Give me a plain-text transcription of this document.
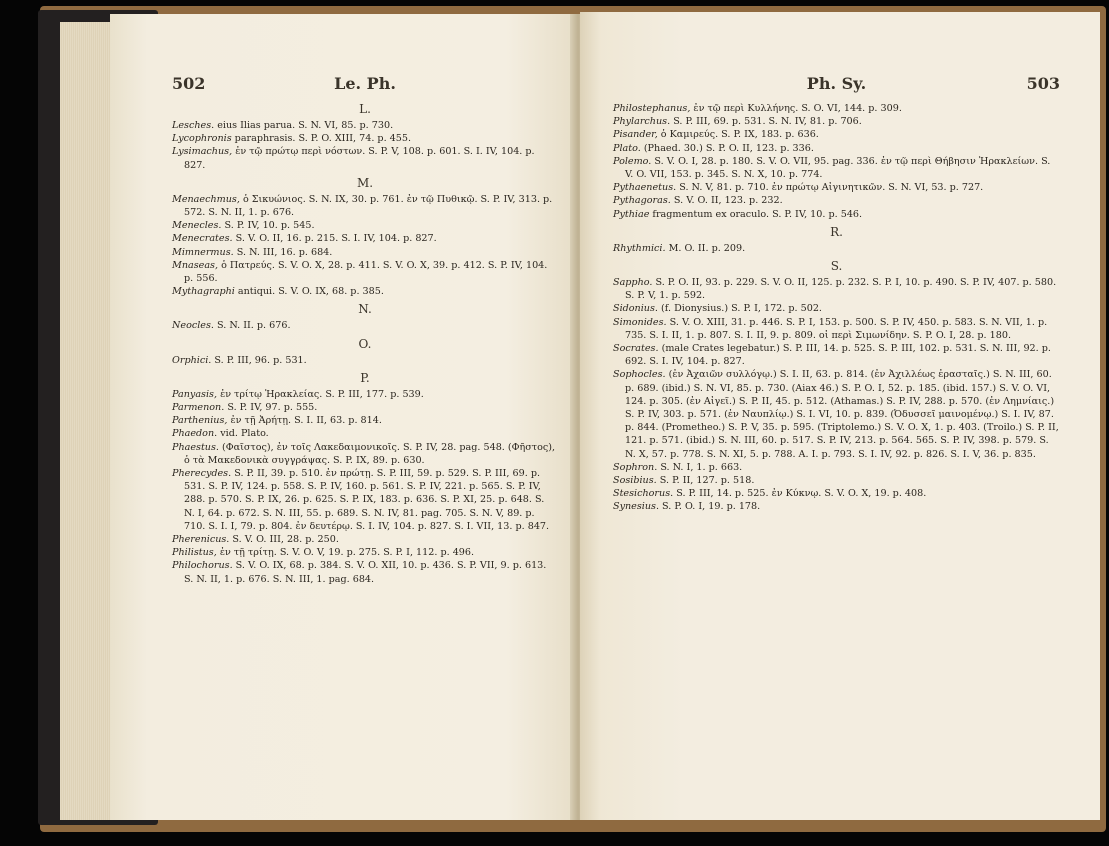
502	Le. Ph.
L.

Lesches. eius Ilias parua. S. N. VI, 85. p. 730.

Lycophronis paraphrasis. S. P. O. XIII, 74. p. 455.

Lysimachus, ἐν τῷ πρώτῳ περὶ νόστων. S. P. V, 108. p. 601. S. I. IV, 104. p. 827.

M.

Menaechmus, ὁ Σικυώνιος. S. N. IX, 30. p. 761. ἐν τῷ Πυθικῷ. S. P. IV, 313. p. 572. S. N. II, 1. p. 676.

Menecles. S. P. IV, 10. p. 545.

Menecrates. S. V. O. II, 16. p. 215. S. I. IV, 104. p. 827.

Mimnermus. S. N. III, 16. p. 684.

Mnaseas, ὁ Πατρεύς. S. V. O. X, 28. p. 411. S. V. O. X, 39. p. 412. S. P. IV, 104. p. 556.

Mythagraphi antiqui. S. V. O. IX, 68. p. 385.

N.

Neocles. S. N. II. p. 676.

O.

Orphici. S. P. III, 96. p. 531.

P.

Panyasis, ἐν τρίτῳ Ἡρακλείας. S. P. III, 177. p. 539.

Parmenon. S. P. IV, 97. p. 555.

Parthenius, ἐν τῇ Ἀρήτῃ. S. I. II, 63. p. 814.

Phaedon. vid. Plato.

Phaestus. (Φαῖστος), ἐν τοῖς Λακεδαιμονικοῖς. S. P. IV, 28. pag. 548. (Φῆστος), ὁ τὰ Μακεδονικὰ συγγράψας. S. P. IX, 89. p. 630.

Pherecydes. S. P. II, 39. p. 510. ἐν πρώτῃ. S. P. III, 59. p. 529. S. P. III, 69. p. 531. S. P. IV, 124. p. 558. S. P. IV, 160. p. 561. S. P. IV, 221. p. 565. S. P. IV, 288. p. 570. S. P. IX, 26. p. 625. S. P. IX, 183. p. 636. S. P. XI, 25. p. 648. S. N. I, 64. p. 672. S. N. III, 55. p. 689. S. N. IV, 81. pag. 705. S. N. V, 89. p. 710. S. I. I, 79. p. 804. ἐν δευτέρῳ. S. I. IV, 104. p. 827. S. I. VII, 13. p. 847.

Pherenicus. S. V. O. III, 28. p. 250.

Philistus, ἐν τῇ τρίτῃ. S. V. O. V, 19. p. 275. S. P. I, 112. p. 496.

Philochorus. S. V. O. IX, 68. p. 384. S. V. O. XII, 10. p. 436. S. P. VII, 9. p. 613. S. N. II, 1. p. 676. S. N. III, 1. pag. 684.

Ph. Sy.	503

Philostephanus, ἐν τῷ περὶ Κυλλήνης. S. O. VI, 144. p. 309.

Phylarchus. S. P. III, 69. p. 531. S. N. IV, 81. p. 706.

Pisander, ὁ Καμιρεύς. S. P. IX, 183. p. 636.

Plato. (Phaed. 30.) S. P. O. II, 123. p. 336.

Polemo. S. V. O. I, 28. p. 180. S. V. O. VII, 95. pag. 336. ἐν τῷ περὶ Θήβησιν Ἡρακλείων. S. V. O. VII, 153. p. 345. S. N. X, 10. p. 774.

Pythaenetus. S. N. V, 81. p. 710. ἐν πρώτῳ Αἰγινητικῶν. S. N. VI, 53. p. 727.

Pythagoras. S. V. O. II, 123. p. 232.

Pythiae fragmentum ex oraculo. S. P. IV, 10. p. 546.

R.

Rhythmici. M. O. II. p. 209.

S.

Sappho. S. P. O. II, 93. p. 229. S. V. O. II, 125. p. 232. S. P. I, 10. p. 490. S. P. IV, 407. p. 580. S. P. V, 1. p. 592.

Sidonius. (f. Dionysius.) S. P. I, 172. p. 502.

Simonides. S. V. O. XIII, 31. p. 446. S. P. I, 153. p. 500. S. P. IV, 450. p. 583. S. N. VII, 1. p. 735. S. I. II, 1. p. 807. S. I. II, 9. p. 809. οἱ περὶ Σιμωνίδην. S. P. O. I, 28. p. 180.

Socrates. (male Crates legebatur.) S. P. III, 14. p. 525. S. P. III, 102. p. 531. S. N. III, 92. p. 692. S. I. IV, 104. p. 827.

Sophocles. (ἐν Ἀχαιῶν συλλόγῳ.) S. I. II, 63. p. 814. (ἐν Ἀχιλλέως ἐρασταῖς.) S. N. III, 60. p. 689. (ibid.) S. N. VI, 85. p. 730. (Aiax 46.) S. P. O. I, 52. p. 185. (ibid. 157.) S. V. O. VI, 124. p. 305. (ἐν Αἰγεῖ.) S. P. II, 45. p. 512. (Athamas.) S. P. IV, 288. p. 570. (ἐν Λημνίαις.) S. P. IV, 303. p. 571. (ἐν Ναυπλίῳ.) S. I. VI, 10. p. 839. (Ὀδυσσεῖ μαινομένῳ.) S. I. IV, 87. p. 844. (Prometheo.) S. P. V, 35. p. 595. (Triptolemo.) S. V. O. X, 1. p. 403. (Troilo.) S. P. II, 121. p. 571. (ibid.) S. N. III, 60. p. 517. S. P. IV, 213. p. 564. 565. S. P. IV, 398. p. 579. S. N. X, 57. p. 778. S. N. XI, 5. p. 788. A. I. p. 793. S. I. IV, 92. p. 826. S. I. V, 36. p. 835.

Sophron. S. N. I, 1. p. 663.

Sosibius. S. P. II, 127. p. 518.

Stesichorus. S. P. III, 14. p. 525. ἐν Κύκνῳ. S. V. O. X, 19. p. 408.

Synesius. S. P. O. I, 19. p. 178.
